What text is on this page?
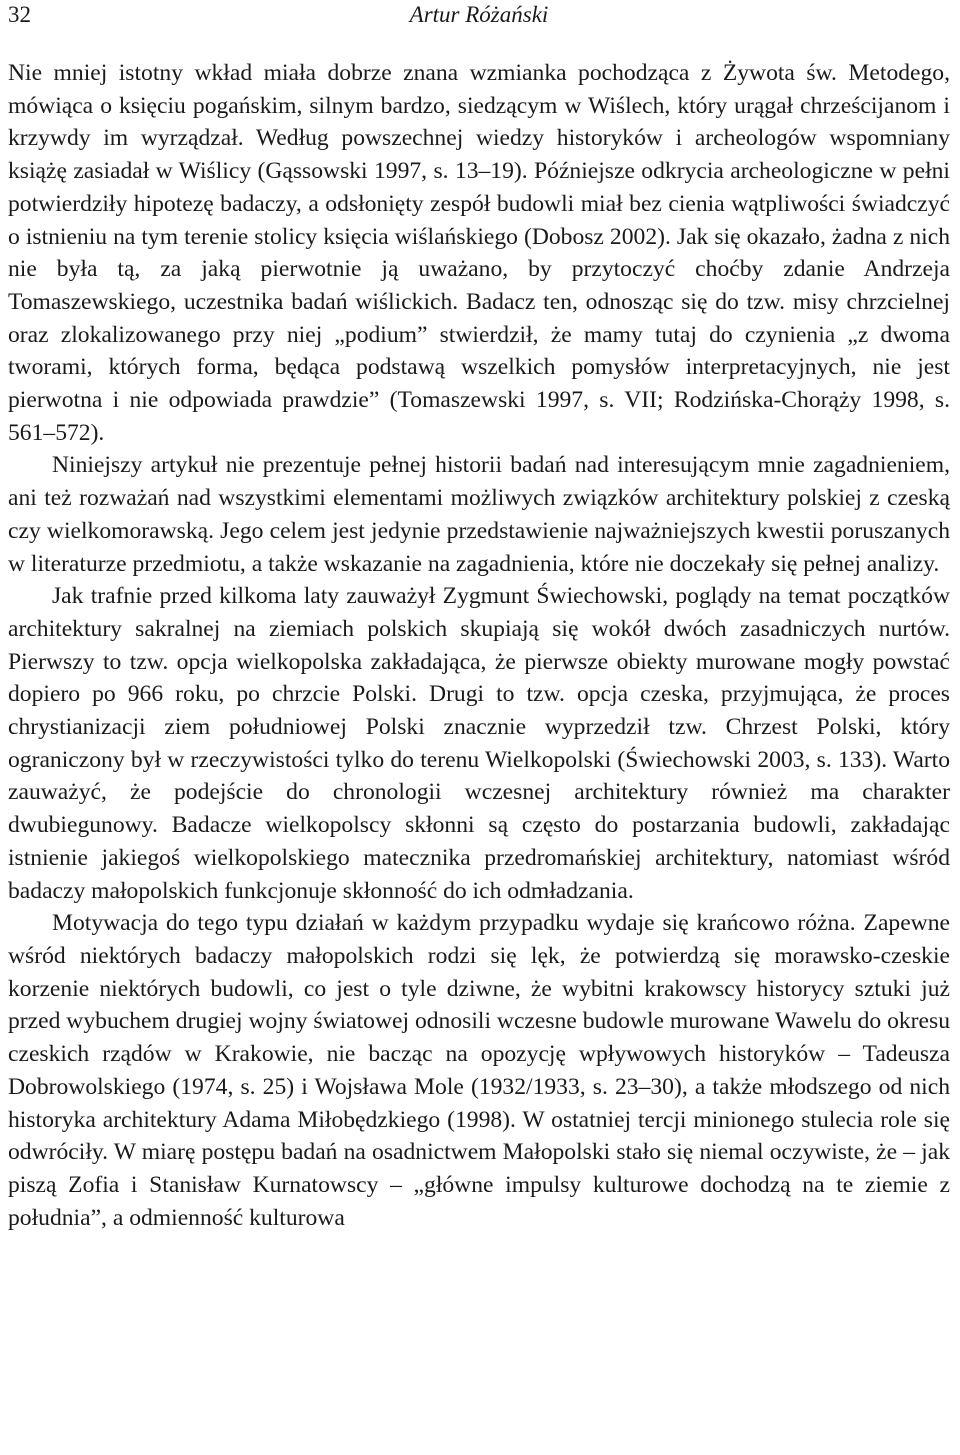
32	Artur Różański

Nie mniej istotny wkład miała dobrze znana wzmianka pochodząca z Żywota św. Metodego, mówiąca o księciu pogańskim, silnym bardzo, siedzącym w Wiślech, który urągał chrześcijanom i krzywdy im wyrządzał. Według powszechnej wiedzy historyków i archeologów wspomniany książę zasiadał w Wiślicy (Gąssowski 1997, s. 13–19). Późniejsze odkrycia archeologiczne w pełni potwierdziły hipotezę badaczy, a odsłonięty zespół budowli miał bez cienia wątpliwości świadczyć o istnieniu na tym terenie stolicy księcia wiślańskiego (Dobosz 2002). Jak się okazało, żadna z nich nie była tą, za jaką pierwotnie ją uważano, by przytoczyć choćby zdanie Andrzeja Tomaszewskiego, uczestnika badań wiślickich. Badacz ten, odnosząc się do tzw. misy chrzcielnej oraz zlokalizowanego przy niej „podium” stwierdził, że mamy tutaj do czynienia „z dwoma tworami, których forma, będąca podstawą wszelkich pomysłów interpretacyjnych, nie jest pierwotna i nie odpowiada prawdzie” (Tomaszewski 1997, s. VII; Rodzińska-Chorąży 1998, s. 561–572).

Niniejszy artykuł nie prezentuje pełnej historii badań nad interesującym mnie zagadnieniem, ani też rozważań nad wszystkimi elementami możliwych związków architektury polskiej z czeską czy wielkomorawską. Jego celem jest jedynie przedstawienie najważniejszych kwestii poruszanych w literaturze przedmiotu, a także wskazanie na zagadnienia, które nie doczekały się pełnej analizy.

Jak trafnie przed kilkoma laty zauważył Zygmunt Świechowski, poglądy na temat początków architektury sakralnej na ziemiach polskich skupiają się wokół dwóch zasadniczych nurtów. Pierwszy to tzw. opcja wielkopolska zakładająca, że pierwsze obiekty murowane mogły powstać dopiero po 966 roku, po chrzcie Polski. Drugi to tzw. opcja czeska, przyjmująca, że proces chrystianizacji ziem południowej Polski znacznie wyprzedził tzw. Chrzest Polski, który ograniczony był w rzeczywistości tylko do terenu Wielkopolski (Świechowski 2003, s. 133). Warto zauważyć, że podejście do chronologii wczesnej architektury również ma charakter dwubiegunowy. Badacze wielkopolscy skłonni są często do postarzania budowli, zakładając istnienie jakiegoś wielkopolskiego matecznika przedromańskiej architektury, natomiast wśród badaczy małopolskich funkcjonuje skłonność do ich odmładzania.

Motywacja do tego typu działań w każdym przypadku wydaje się krańcowo różna. Zapewne wśród niektórych badaczy małopolskich rodzi się lęk, że potwierdzą się morawsko-czeskie korzenie niektórych budowli, co jest o tyle dziwne, że wybitni krakowscy historycy sztuki już przed wybuchem drugiej wojny światowej odnosili wczesne budowle murowane Wawelu do okresu czeskich rządów w Krakowie, nie bacząc na opozycję wpływowych historyków – Tadeusza Dobrowolskiego (1974, s. 25) i Wojsława Mole (1932/1933, s. 23–30), a także młodszego od nich historyka architektury Adama Miłobędzkiego (1998). W ostatniej tercji minionego stulecia role się odwróciły. W miarę postępu badań na osadnictwem Małopolski stało się niemal oczywiste, że – jak piszą Zofia i Stanisław Kurnatowscy – „główne impulsy kulturowe dochodzą na te ziemie z południa”, a odmienność kulturowa
